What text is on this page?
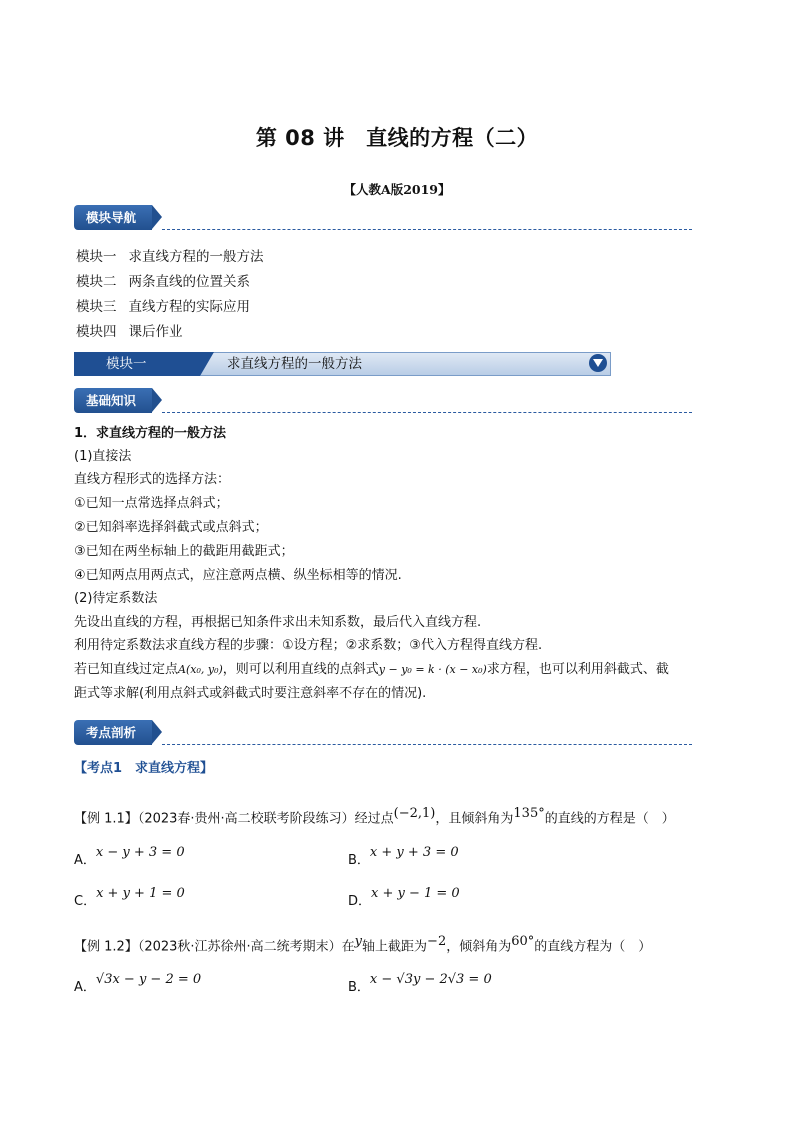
第 08 讲　直线的方程（二）
【人教A版2019】
模块导航
模块一 求直线方程的一般方法
模块二 两条直线的位置关系
模块三 直线方程的实际应用
模块四 课后作业
求直线方程的一般方法
模块一
基础知识
1．求直线方程的一般方法
(1)直接法
直线方程形式的选择方法：
①已知一点常选择点斜式；
②已知斜率选择斜截式或点斜式；
③已知在两坐标轴上的截距用截距式；
④已知两点用两点式，应注意两点横、纵坐标相等的情况.
(2)待定系数法
先设出直线的方程，再根据已知条件求出未知系数，最后代入直线方程.
利用待定系数法求直线方程的步骤：①设方程；②求系数；③代入方程得直线方程.
若已知直线过定点A(x₀, y₀)，则可以利用直线的点斜式y − y₀ = k · (x − x₀)求方程，也可以利用斜截式、截
距式等求解(利用点斜式或斜截式时要注意斜率不存在的情况).
考点剖析
【考点1　求直线方程】
【例 1.1】（2023春·贵州·高二校联考阶段练习）经过点$^{(-2,1)}$，且倾斜角为$^{135^\circ}$的直线的方程是（　）
$_{A.}$x − y + 3 = 0
$_{B.}$x + y + 3 = 0
$_{C.}$x + y + 1 = 0
$_{D.}$x + y − 1 = 0
【例 1.2】（2023秋·江苏徐州·高二统考期末）在$^y$轴上截距为$^{-2}$，倾斜角为$^{60^\circ}$的直线方程为（　）
$_{A.}$√3x − y − 2 = 0
$_{B.}$x − √3y − 2√3 = 0
